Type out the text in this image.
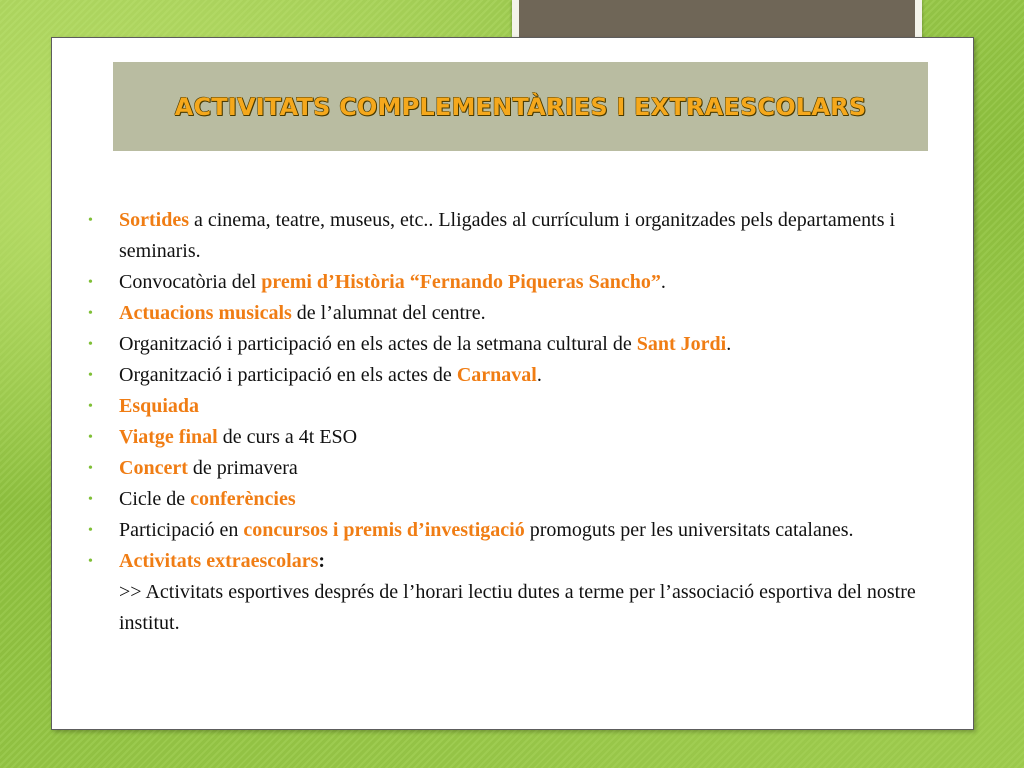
ACTIVITATS COMPLEMENTÀRIES I EXTRAESCOLARS
• Sortides a cinema, teatre, museus, etc.. Lligades al currículum i organitzades pels departaments i seminaris.
• Convocatòria del premi d’Història “Fernando Piqueras Sancho”.
• Actuacions musicals de l’alumnat del centre.
• Organització i participació en els actes de la setmana cultural de Sant Jordi.
• Organització i participació en els actes de Carnaval.
• Esquiada
• Viatge final de curs a 4t ESO
• Concert de primavera
• Cicle de conferències
• Participació en concursos i premis d’investigació promoguts per les universitats catalanes.
• Activitats extraescolars:
>> Activitats esportives després de l’horari lectiu dutes a terme per l’associació esportiva del nostre institut.
